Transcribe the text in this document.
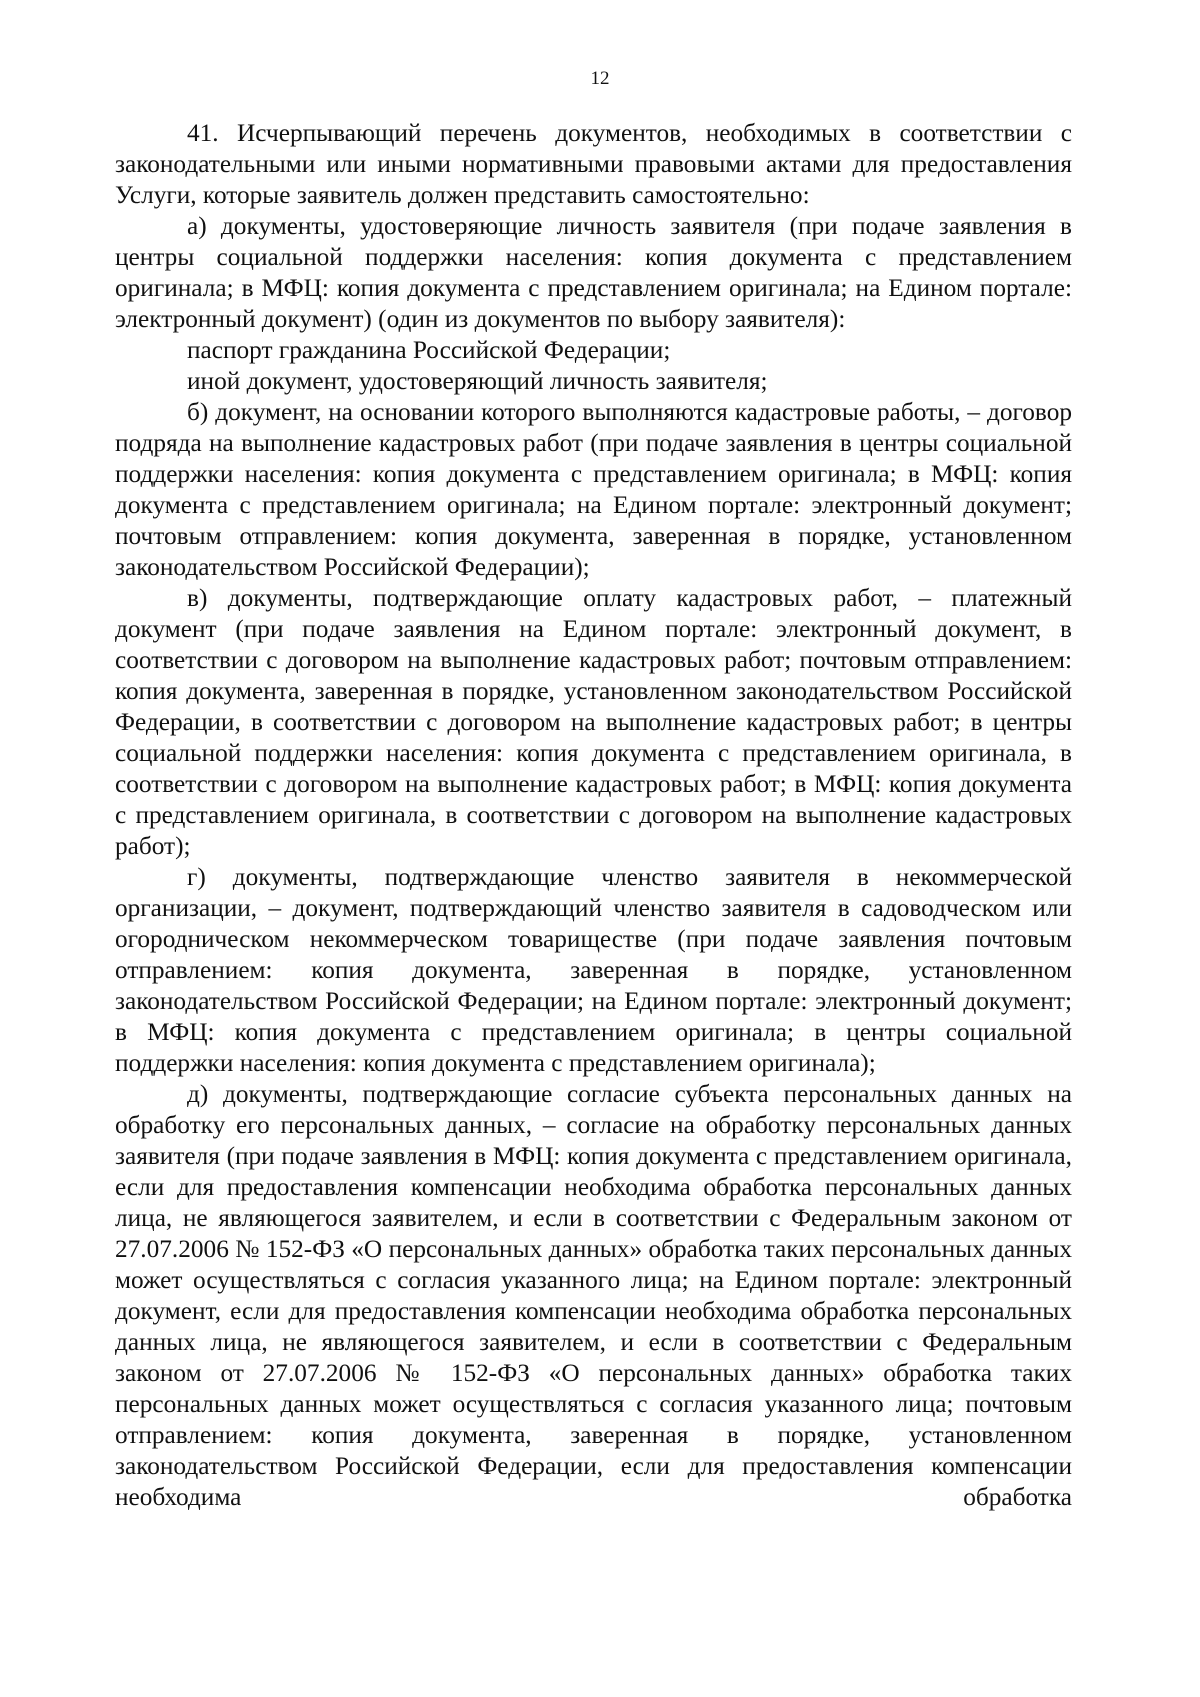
12

41. Исчерпывающий перечень документов, необходимых в соответствии с законодательными или иными нормативными правовыми актами для предоставления Услуги, которые заявитель должен представить самостоятельно:

а) документы, удостоверяющие личность заявителя (при подаче заявления в центры социальной поддержки населения: копия документа с представлением оригинала; в МФЦ: копия документа с представлением оригинала; на Едином портале: электронный документ) (один из документов по выбору заявителя):

паспорт гражданина Российской Федерации;

иной документ, удостоверяющий личность заявителя;

б) документ, на основании которого выполняются кадастровые работы, – договор подряда на выполнение кадастровых работ (при подаче заявления в центры социальной поддержки населения: копия документа с представлением оригинала; в МФЦ: копия документа с представлением оригинала; на Едином портале: электронный документ; почтовым отправлением: копия документа, заверенная в порядке, установленном законодательством Российской Федерации);

в) документы, подтверждающие оплату кадастровых работ, – платежный документ (при подаче заявления на Едином портале: электронный документ, в соответствии с договором на выполнение кадастровых работ; почтовым отправлением: копия документа, заверенная в порядке, установленном законодательством Российской Федерации, в соответствии с договором на выполнение кадастровых работ; в центры социальной поддержки населения: копия документа с представлением оригинала, в соответствии с договором на выполнение кадастровых работ; в МФЦ: копия документа с представлением оригинала, в соответствии с договором на выполнение кадастровых работ);

г) документы, подтверждающие членство заявителя в некоммерческой организации, – документ, подтверждающий членство заявителя в садоводческом или огородническом некоммерческом товариществе (при подаче заявления почтовым отправлением: копия документа, заверенная в порядке, установленном законодательством Российской Федерации; на Едином портале: электронный документ; в МФЦ: копия документа с представлением оригинала; в центры социальной поддержки населения: копия документа с представлением оригинала);

д) документы, подтверждающие согласие субъекта персональных данных на обработку его персональных данных, – согласие на обработку персональных данных заявителя (при подаче заявления в МФЦ: копия документа с представлением оригинала, если для предоставления компенсации необходима обработка персональных данных лица, не являющегося заявителем, и если в соответствии с Федеральным законом от 27.07.2006 № 152-ФЗ «О персональных данных» обработка таких персональных данных может осуществляться с согласия указанного лица; на Едином портале: электронный документ, если для предоставления компенсации необходима обработка персональных данных лица, не являющегося заявителем, и если в соответствии с Федеральным законом от 27.07.2006 № 152-ФЗ «О персональных данных» обработка таких персональных данных может осуществляться с согласия указанного лица; почтовым отправлением: копия документа, заверенная в порядке, установленном законодательством Российской Федерации, если для предоставления компенсации необходима обработка
